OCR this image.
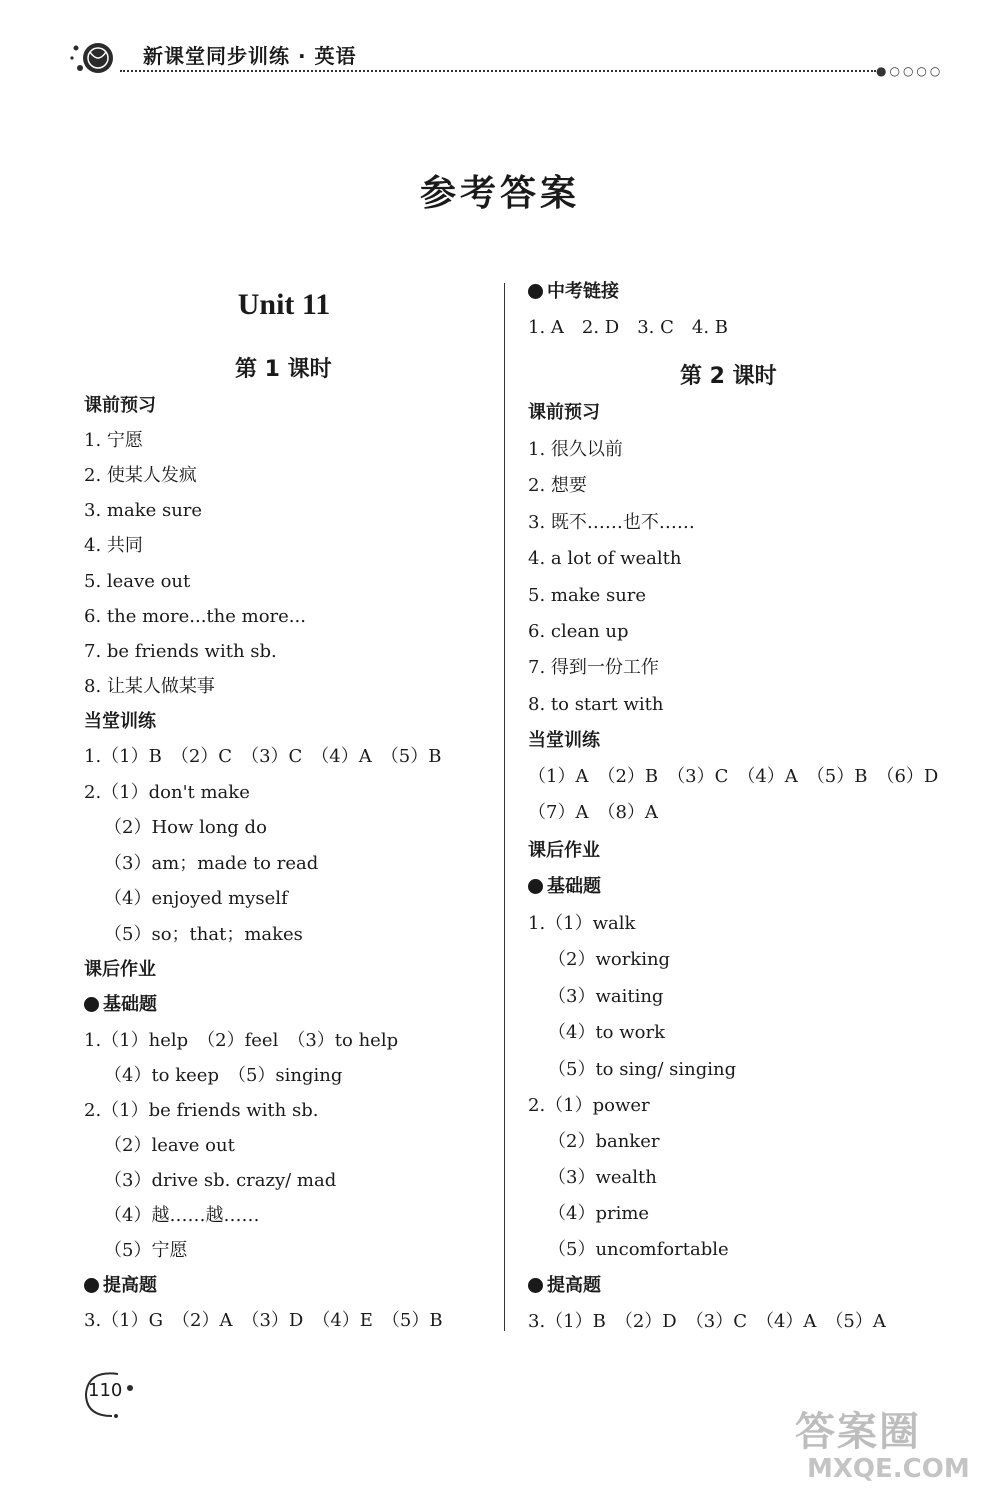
新课堂同步训练 · 英语
●○○○○
参考答案
Unit 11
第 1 课时
课前预习
1. 宁愿
2. 使某人发疯
3. make sure
4. 共同
5. leave out
6. the more...the more...
7. be friends with sb.
8. 让某人做某事
当堂训练
1.（1）B　（2）C　（3）C　（4）A　（5）B
2.（1）don't make
（2）How long do
（3）am；made to read
（4）enjoyed myself
（5）so；that；makes
课后作业
基础题
1.（1）help　（2）feel　（3）to help
（4）to keep　（5）singing
2.（1）be friends with sb.
（2）leave out
（3）drive sb. crazy/ mad
（4）越……越……
（5）宁愿
提高题
3.（1）G　（2）A　（3）D　（4）E　（5）B
中考链接
1. A　2. D　3. C　4. B
第 2 课时
课前预习
1. 很久以前
2. 想要
3. 既不……也不……
4. a lot of wealth
5. make sure
6. clean up
7. 得到一份工作
8. to start with
当堂训练
（1）A　（2）B　（3）C　（4）A　（5）B　（6）D
（7）A　（8）A
课后作业
基础题
1.（1）walk
（2）working
（3）waiting
（4）to work
（5）to sing/ singing
2.（1）power
（2）banker
（3）wealth
（4）prime
（5）uncomfortable
提高题
3.（1）B　（2）D　（3）C　（4）A　（5）A
110
答案圈
MXQE.COM
